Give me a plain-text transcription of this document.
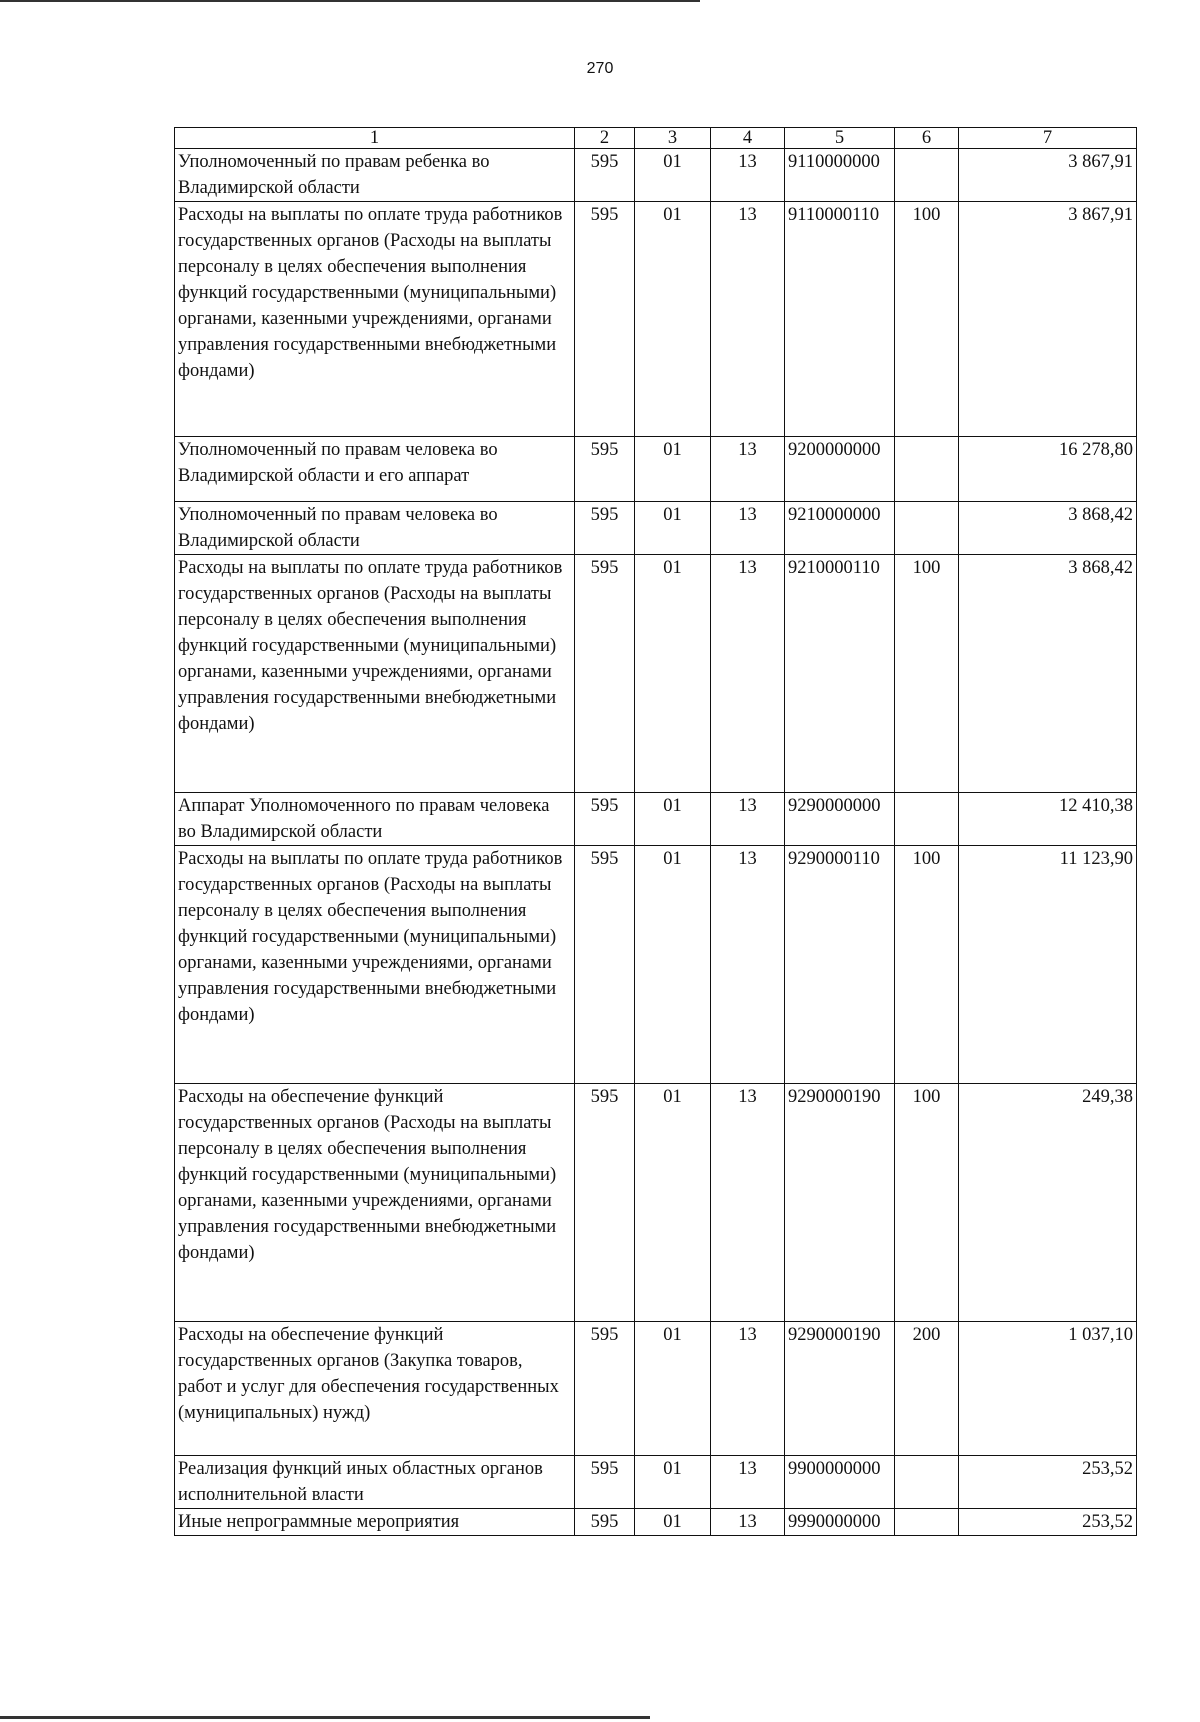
270
1	2	3	4	5	6	7
Уполномоченный по правам ребенка во Владимирской области	595	01	13	9110000000		3 867,91
Расходы на выплаты по оплате труда работников государственных органов (Расходы на выплаты персоналу в целях обеспечения выполнения функций государственными (муниципальными) органами, казенными учреждениями, органами управления государственными внебюджетными фондами)	595	01	13	9110000110	100	3 867,91
Уполномоченный по правам человека во Владимирской области и его аппарат	595	01	13	9200000000		16 278,80
Уполномоченный по правам человека во Владимирской области	595	01	13	9210000000		3 868,42
Расходы на выплаты по оплате труда работников государственных органов (Расходы на выплаты персоналу в целях обеспечения выполнения функций государственными (муниципальными) органами, казенными учреждениями, органами управления государственными внебюджетными фондами)	595	01	13	9210000110	100	3 868,42
Аппарат Уполномоченного по правам человека во Владимирской области	595	01	13	9290000000		12 410,38
Расходы на выплаты по оплате труда работников государственных органов (Расходы на выплаты персоналу в целях обеспечения выполнения функций государственными (муниципальными) органами, казенными учреждениями, органами управления государственными внебюджетными фондами)	595	01	13	9290000110	100	11 123,90
Расходы на обеспечение функций государственных органов (Расходы на выплаты персоналу в целях обеспечения выполнения функций государственными (муниципальными) органами, казенными учреждениями, органами управления государственными внебюджетными фондами)	595	01	13	9290000190	100	249,38
Расходы на обеспечение функций государственных органов (Закупка товаров, работ и услуг для обеспечения государственных (муниципальных) нужд)	595	01	13	9290000190	200	1 037,10
Реализация функций иных областных органов исполнительной власти	595	01	13	9900000000		253,52
Иные непрограммные мероприятия	595	01	13	9990000000		253,52
